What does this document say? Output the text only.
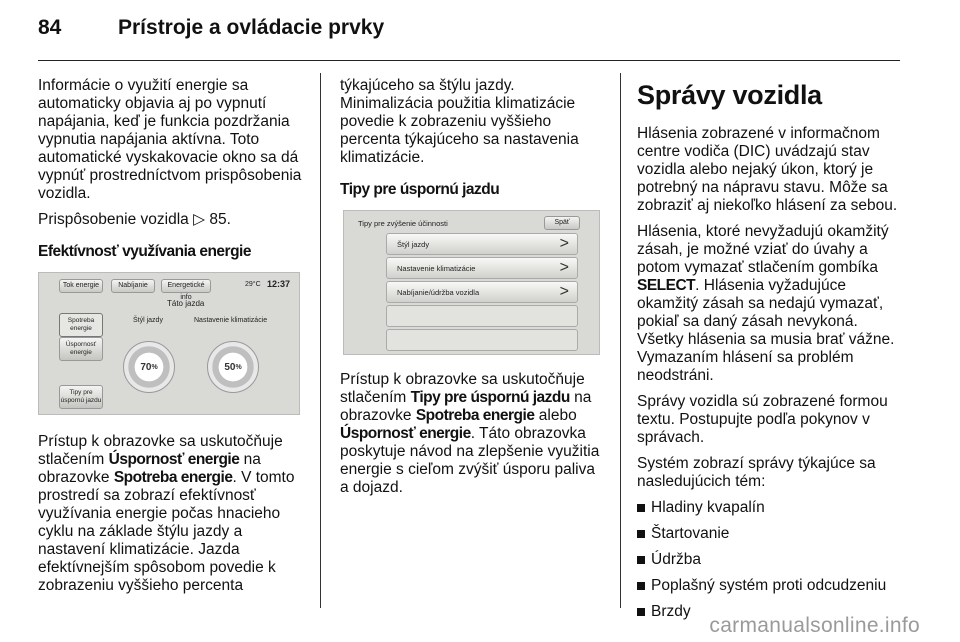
84	Prístroje a ovládacie prvky

Informácie o využití energie sa automaticky objavia aj po vypnutí napájania, keď je funkcia pozdržania vypnutia napájania aktívna. Toto automatické vyskakovacie okno sa dá vypnúť prostredníctvom prispôsobenia vozidla.

Prispôsobenie vozidla ▷ 85.

Efektívnosť využívania energie

Prístup k obrazovke sa uskutočňuje stlačením Úspornosť energie na obrazovke Spotreba energie. V tomto prostredí sa zobrazí efektívnosť využívania energie počas hnacieho cyklu na základe štýlu jazdy a nastavení klimatizácie. Jazda efektívnejším spôsobom povedie k zobrazeniu vyššieho percenta

Tok energie	Nabíjanie	Energetické info
29°C 12:37
Táto jazda
Spotreba energie
Úspornosť energie
Tipy pre úspornú jazdu
Štýl jazdy	Nastavenie klimatizácie
70 %	50 %

týkajúceho sa štýlu jazdy. Minimalizácia použitia klimatizácie povedie k zobrazeniu vyššieho percenta týkajúceho sa nastavenia klimatizácie.

Tipy pre úspornú jazdu

Prístup k obrazovke sa uskutočňuje stlačením Tipy pre úspornú jazdu na obrazovke Spotreba energie alebo Úspornosť energie. Táto obrazovka poskytuje návod na zlepšenie využitia energie s cieľom zvýšiť úsporu paliva a dojazd.

Tipy pre zvýšenie účinnosti	Späť
Štýl jazdy	>
Nastavenie klimatizácie	>
Nabíjanie/údržba vozidla	>
Správy vozidla

Hlásenia zobrazené v informačnom centre vodiča (DIC) uvádzajú stav vozidla alebo nejaký úkon, ktorý je potrebný na nápravu stavu. Môže sa zobraziť aj niekoľko hlásení za sebou.

Hlásenia, ktoré nevyžadujú okamžitý zásah, je možné vziať do úvahy a potom vymazať stlačením gombíka SELECT. Hlásenia vyžadujúce okamžitý zásah sa nedajú vymazať, pokiaľ sa daný zásah nevykoná. Všetky hlásenia sa musia brať vážne. Vymazaním hlásení sa problém neodstráni.

Správy vozidla sú zobrazené formou textu. Postupujte podľa pokynov v správach.

Systém zobrazí správy týkajúce sa nasledujúcich tém:

Hladiny kvapalín
Štartovanie
Údržba
Poplašný systém proti odcudzeniu
Brzdy
carmanualsonline.info
